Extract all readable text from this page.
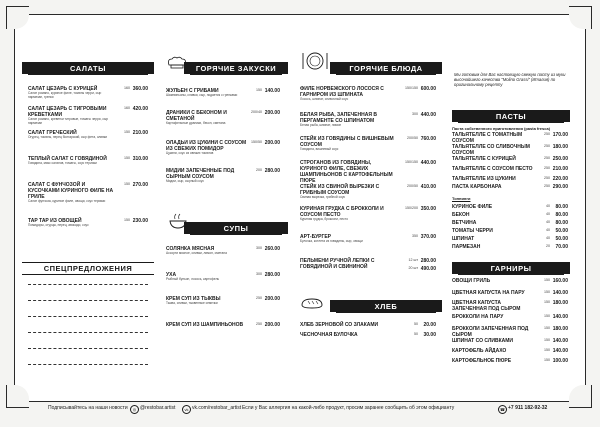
САЛАТЫ
САЛАТ ЦЕЗАРЬ С КУРИЦЕЙ
Салат романо, куриное филе, томаты черри, сыр пармезан, гренки
160 360.00
САЛАТ ЦЕЗАРЬ С ТИГРОВЫМИ КРЕВЕТКАМИ
Салат романо, креветки тигровые, томаты черри, сыр пармезан
160 420.00
САЛАТ ГРЕЧЕСКИЙ
Огурец, томаты, перец болгарский, сыр фета, оливки
150 210.00
ТЕПЛЫЙ САЛАТ С ГОВЯДИНОЙ
Говядина, микс салатов, томаты, соус терияки
150 310.00
САЛАТ С ФУНЧОЗОЙ И КУСОЧКАМИ КУРИНОГО ФИЛЕ НА ГРИЛЕ
Салат фунчоза, куриное филе, овощи, соус терияки
150 270.00
ТАР ТАР ИЗ ОВОЩЕЙ
Помидоры, огурцы, перец, авокадо, соус
150 230.00
СПЕЦПРЕДЛОЖЕНИЯ
ГОРЯЧИЕ ЗАКУСКИ
ЖУЛЬЕН С ГРИБАМИ
Шампиньоны, сливки, сыр, подается с гренками
150 140.00
ДРАНИКИ С БЕКОНОМ И СМЕТАНОЙ
Картофельные драники, бекон, сметана
200/40 200.00
ОЛАДЬИ ИЗ ЦУКИНИ С СОУСОМ ИЗ СВЕЖИХ ПОМИДОР
Цукини, соус из свежих томатов
150/50 200.00
МИДИИ ЗАПЕЧЕННЫЕ ПОД СЫРНЫМ СОУСОМ
Мидии, сыр, сырный соус
200 280.00
СУПЫ
СОЛЯНКА МЯСНАЯ
Ассорти мясное, оливки, лимон, сметана
300 260.00
УХА
Рыбный бульон, лосось, картофель
300 280.00
КРЕМ СУП ИЗ ТЫКВЫ
Тыква, сливки, тыквенные семечки
250 200.00
КРЕМ СУП ИЗ ШАМПИНЬОНОВ	250 200.00
ГОРЯЧИЕ БЛЮДА
ФИЛЕ НОРВЕЖСКОГО ЛОСОСЯ С ГАРНИРОМ ИЗ ШПИНАТА
Лосось, шпинат, сливочный соус
150/150 600.00
БЕЛАЯ РЫБА, ЗАПЕЧЕННАЯ В ПЕРГАМЕНТЕ СО ШПИНАТОМ
Белая рыба, шпинат, лимон
300 440.00
СТЕЙК ИЗ ГОВЯДИНЫ С ВИШНЕВЫМ СОУСОМ
Говядина, вишневый соус
200/50 760.00
СТРОГАНОВ ИЗ ГОВЯДИНЫ, КУРИНОГО ФИЛЕ, СВЕЖИХ ШАМПИНЬОНОВ С КАРТОФЕЛЬНЫМ ПЮРЕ
150/150 440.00
СТЕЙК ИЗ СВИНОЙ ВЫРЕЗКИ С ГРИБНЫМ СОУСОМ
Свиная вырезка, грибной соус
200/50 410.00
КУРИНАЯ ГРУДКА С БРОККОЛИ И СОУСОМ ПЕСТО
Куриная грудка, брокколи, песто
150/200 350.00
АРТ-БУРГЕР
Булочка, котлета из говядины, сыр, овощи
350 370.00
ПЕЛЬМЕНИ РУЧНОЙ ЛЕПКИ С ГОВЯДИНОЙ И СВИНИНОЙ
12 шт 280.00
20 шт 490.00
ХЛЕБ
ХЛЕБ ЗЕРНОВОЙ СО ЗЛАКАМИ	50 20.00
ЧЕСНОЧНАЯ БУЛОЧКА	50 30.00
Мы готовим для Вас настоящую свежую пасту из муки высочайшего качества "Molino Grassi" (Италия) по оригинальному рецепту
ПАСТЫ
Паста собственного приготовления (pasta fresca)
ТАЛЬЯТЕЛЛЕ С ТОМАТНЫМ СОУСОМ
250 170.00
ТАЛЬЯТЕЛЛЕ СО СЛИВОЧНЫМ СОУСОМ
250 180.00
ТАЛЬЯТЕЛЛЕ С КУРИЦЕЙ	250 250.00
ТАЛЬЯТЕЛЛЕ С СОУСОМ ПЕСТО	250 210.00
ТАЛЬЯТЕЛЛЕ ИЗ ЦУКИНИ	250 220.00
ПАСТА КАРБОНАРА	250 290.00
Топпинги
КУРИНОЕ ФИЛЕ	40 80.00
БЕКОН	40 80.00
ВЕТЧИНА	40 80.00
ТОМАТЫ ЧЕРРИ	40 50.00
ШПИНАТ	40 50.00
ПАРМЕЗАН	20 70.00
ГАРНИРЫ
ОВОЩИ ГРИЛЬ	150 160.00
ЦВЕТНАЯ КАПУСТА НА ПАРУ	150 140.00
ЦВЕТНАЯ КАПУСТА ЗАПЕЧЕННАЯ ПОД СЫРОМ
150 180.00
БРОККОЛИ НА ПАРУ	150 140.00
БРОККОЛИ ЗАПЕЧЕННАЯ ПОД СЫРОМ
150 180.00
ШПИНАТ СО СЛИВКАМИ	150 140.00
КАРТОФЕЛЬ АЙДАХО	150 140.00
КАРТОФЕЛЬНОЕ ПЮРЕ	150 100.00
Подписывайтесь на наши новости	◎ @restobar.artist	vk vk.com/restobar_artist Если у Вас аллергия на какой-либо продукт, просим заранее сообщить об этом официанту	☎ +7 911 182-92-32
